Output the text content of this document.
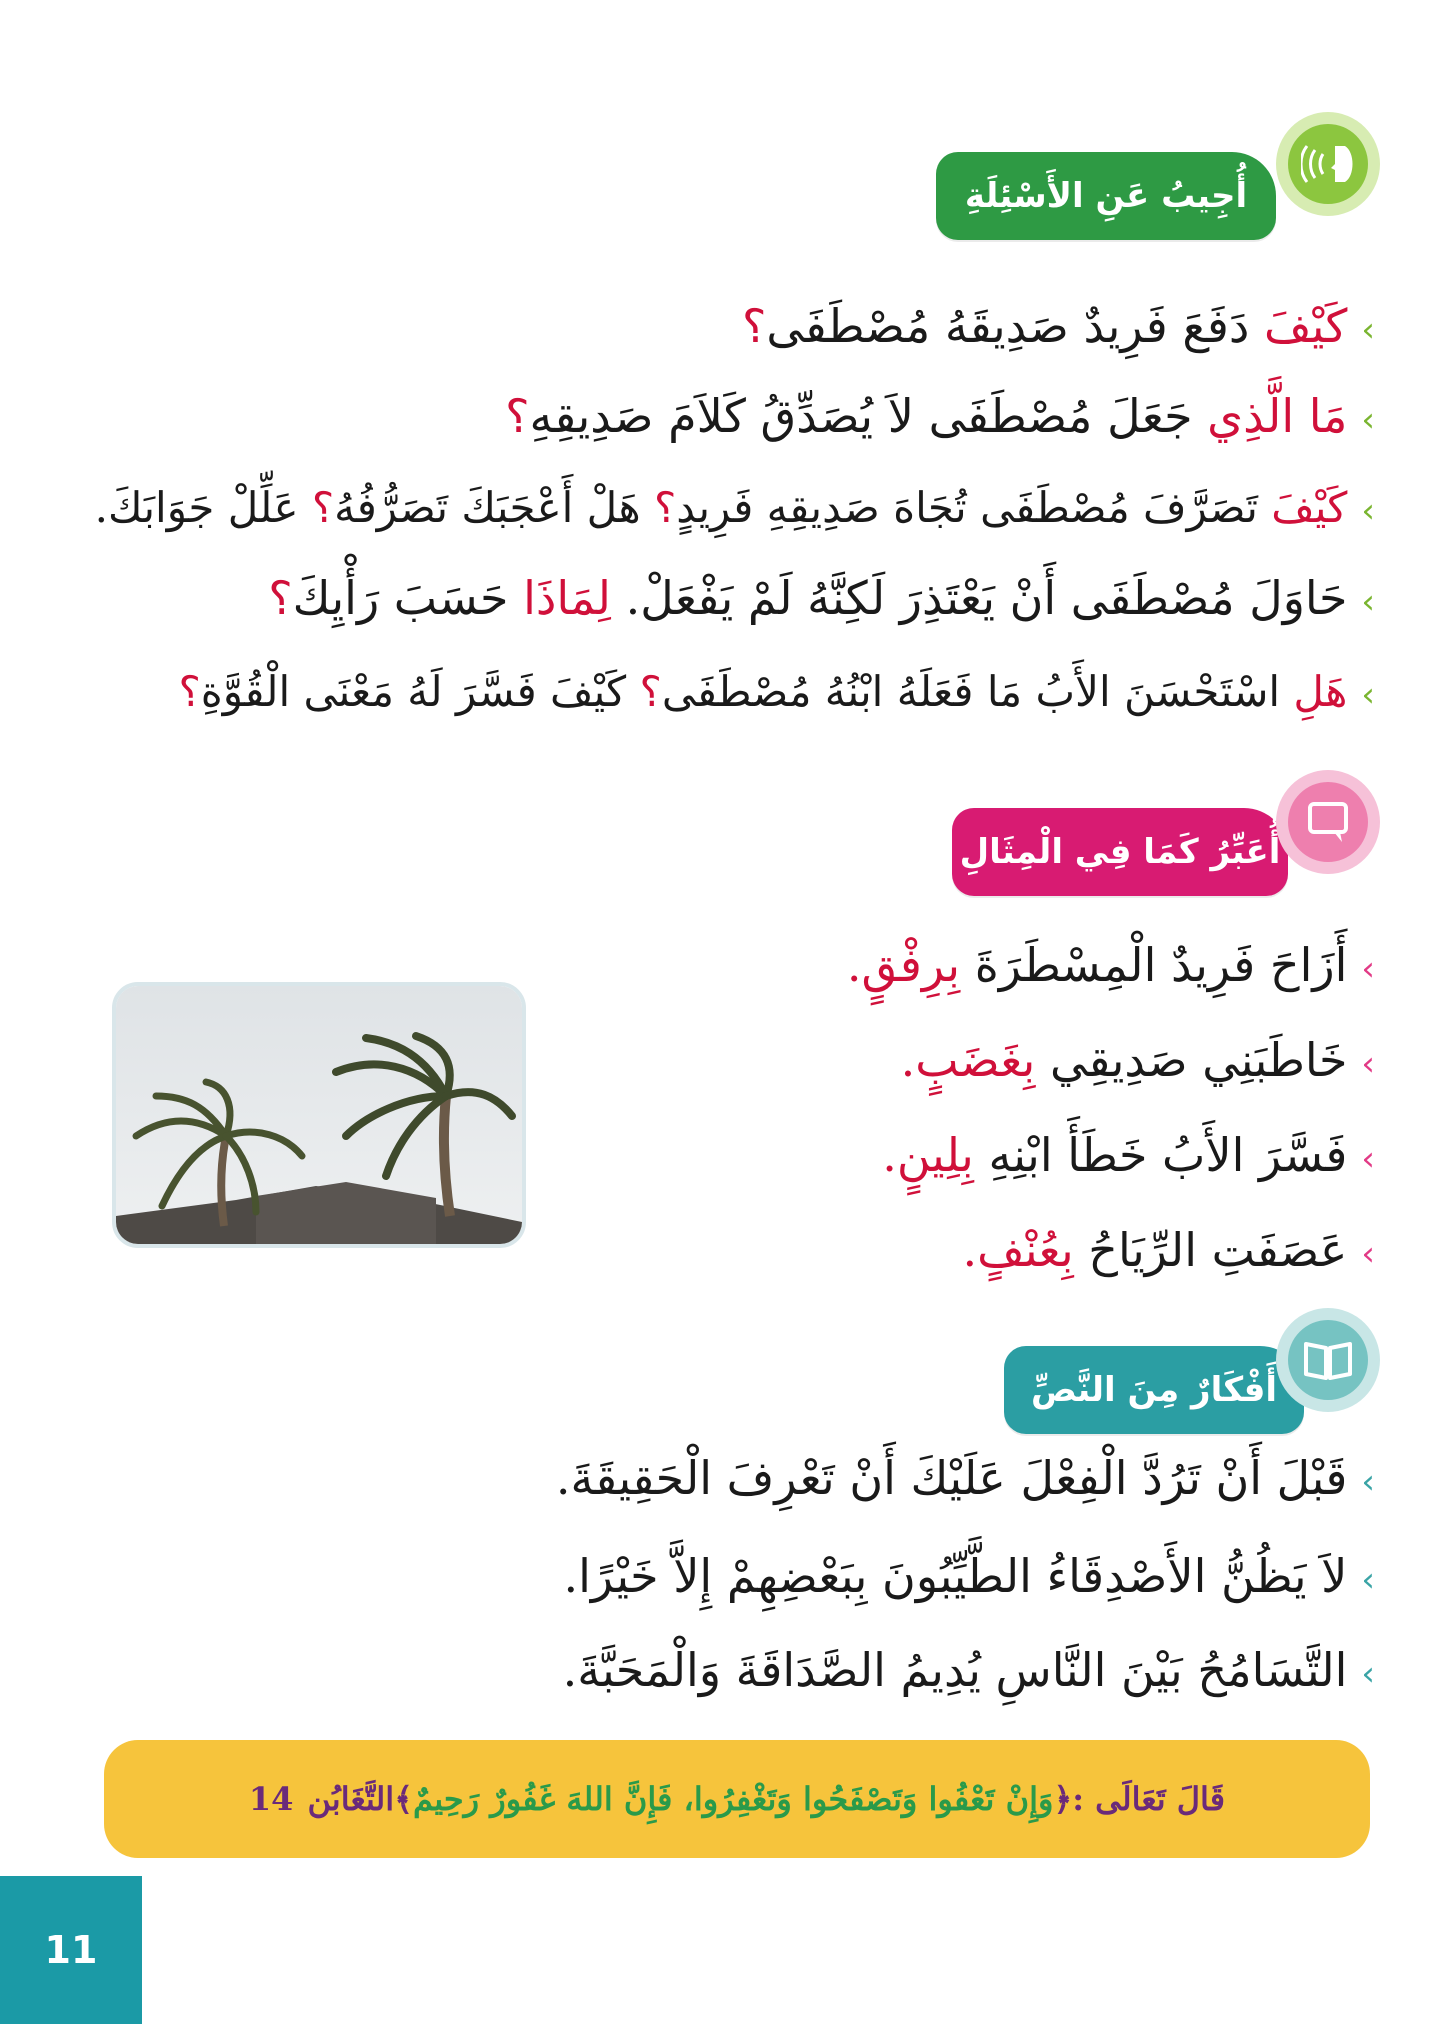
أُجِيبُ عَنِ الأَسْئِلَةِ
›كَيْفَ دَفَعَ فَرِيدٌ صَدِيقَهُ مُصْطَفَى؟
›مَا الَّذِي جَعَلَ مُصْطَفَى لاَ يُصَدِّقُ كَلاَمَ صَدِيقِهِ؟
›كَيْفَ تَصَرَّفَ مُصْطَفَى تُجَاهَ صَدِيقِهِ فَرِيدٍ؟ هَلْ أَعْجَبَكَ تَصَرُّفُهُ؟ عَلِّلْ جَوَابَكَ.
›حَاوَلَ مُصْطَفَى أَنْ يَعْتَذِرَ لَكِنَّهُ لَمْ يَفْعَلْ. لِمَاذَا حَسَبَ رَأْيِكَ؟
›هَلِ اسْتَحْسَنَ الأَبُ مَا فَعَلَهُ ابْنُهُ مُصْطَفَى؟ كَيْفَ فَسَّرَ لَهُ مَعْنَى الْقُوَّةِ؟
أُعَبِّرُ كَمَا فِي الْمِثَالِ
›أَزَاحَ فَرِيدٌ الْمِسْطَرَةَ بِرِفْقٍ.
›خَاطَبَنِي صَدِيقِي بِغَضَبٍ.
›فَسَّرَ الأَبُ خَطَأَ ابْنِهِ بِلِينٍ.
›عَصَفَتِ الرِّيَاحُ بِعُنْفٍ.
أَفْكَارٌ مِنَ النَّصِّ
›قَبْلَ أَنْ تَرُدَّ الْفِعْلَ عَلَيْكَ أَنْ تَعْرِفَ الْحَقِيقَةَ.
›لاَ يَظُنُّ الأَصْدِقَاءُ الطَّيِّبُونَ بِبَعْضِهِمْ إِلاَّ خَيْرًا.
›التَّسَامُحُ بَيْنَ النَّاسِ يُدِيمُ الصَّدَاقَةَ وَالْمَحَبَّةَ.
قَالَ تَعَالَى :
﴿
وَإِنْ تَعْفُوا وَتَصْفَحُوا وَتَغْفِرُوا، فَإِنَّ اللهَ غَفُورٌ رَحِيمٌ
﴾
التَّغَابُن
14
11
